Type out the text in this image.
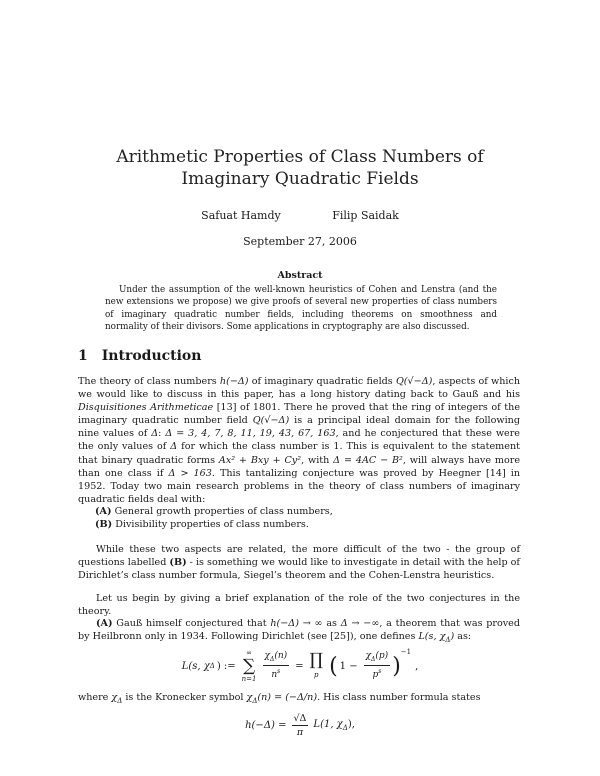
Arithmetic Properties of Class Numbers of
Imaginary Quadratic Fields
Safuat Hamdy	Filip Saidak
September 27, 2006
Abstract
Under the assumption of the well-known heuristics of Cohen and Lenstra (and the new extensions we propose) we give proofs of several new properties of class numbers of imaginary quadratic number fields, including theorems on smoothness and normality of their divisors. Some applications in cryptography are also discussed.
1 Introduction
The theory of class numbers h(−Δ) of imaginary quadratic fields Q(√−Δ), aspects of which we would like to discuss in this paper, has a long history dating back to Gauß and his Disquisitiones Arithmeticae [13] of 1801. There he proved that the ring of integers of the imaginary quadratic number field Q(√−Δ) is a principal ideal domain for the following nine values of Δ: Δ = 3, 4, 7, 8, 11, 19, 43, 67, 163, and he conjectured that these were the only values of Δ for which the class number is 1. This is equivalent to the statement that binary quadratic forms Ax² + Bxy + Cy², with Δ = 4AC − B², will always have more than one class if Δ > 163. This tantalizing conjecture was proved by Heegner [14] in 1952. Today two main research problems in the theory of class numbers of imaginary quadratic fields deal with:
(A) General growth properties of class numbers,
(B) Divisibility properties of class numbers.
While these two aspects are related, the more difficult of the two - the group of questions labelled (B) - is something we would like to investigate in detail with the help of Dirichlet’s class number formula, Siegel’s theorem and the Cohen-Lenstra heuristics.
Let us begin by giving a brief explanation of the role of the two conjectures in the theory.
(A) Gauß himself conjectured that h(−Δ) → ∞ as Δ → −∞, a theorem that was proved by Heilbronn only in 1934. Following Dirichlet (see [25]), one defines L(s, $\chi_\Delta$) as:
L(s, χ Δ ) :=
∞
∑
$n=1 \frac{\chi_\Delta(n)}{n^s}$ = ∏
p ( $1 - \frac{\chi_\Delta(p)}{p^s}$ )
$^{-1}$
,
where $\chi_\Delta$ is the Kronecker symbol $\chi_\Delta(n) = (-\Delta/n)$. His class number formula states
$h(-\Delta) = \frac{√\Delta}{\pi} L(1$, $\chi_\Delta$),
